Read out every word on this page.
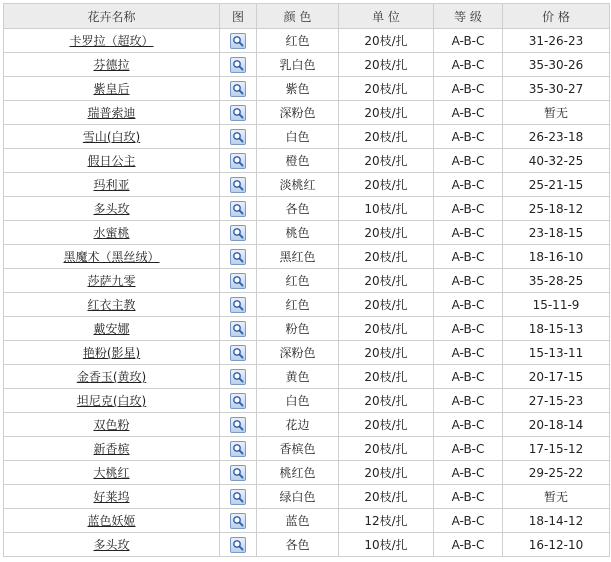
花卉名称	图	颜 色	单 位	等 级	价 格
卡罗拉（超玫）		红色	20枝/扎	A-B-C	31-26-23
芬德拉		乳白色	20枝/扎	A-B-C	35-30-26
紫皇后		紫色	20枝/扎	A-B-C	35-30-27
瑞普索迪		深粉色	20枝/扎	A-B-C	暂无
雪山(白玫)		白色	20枝/扎	A-B-C	26-23-18
假日公主		橙色	20枝/扎	A-B-C	40-32-25
玛利亚		淡桃红	20枝/扎	A-B-C	25-21-15
多头玫		各色	10枝/扎	A-B-C	25-18-12
水蜜桃		桃色	20枝/扎	A-B-C	23-18-15
黑魔术（黑丝绒）		黑红色	20枝/扎	A-B-C	18-16-10
莎萨九零		红色	20枝/扎	A-B-C	35-28-25
红衣主教		红色	20枝/扎	A-B-C	15-11-9
戴安娜		粉色	20枝/扎	A-B-C	18-15-13
艳粉(影星)		深粉色	20枝/扎	A-B-C	15-13-11
金香玉(黄玫)		黄色	20枝/扎	A-B-C	20-17-15
坦尼克(白玫)		白色	20枝/扎	A-B-C	27-15-23
双色粉		花边	20枝/扎	A-B-C	20-18-14
新香槟		香槟色	20枝/扎	A-B-C	17-15-12
大桃红		桃红色	20枝/扎	A-B-C	29-25-22
好莱坞		绿白色	20枝/扎	A-B-C	暂无
蓝色妖姬		蓝色	12枝/扎	A-B-C	18-14-12
多头玫		各色	10枝/扎	A-B-C	16-12-10
